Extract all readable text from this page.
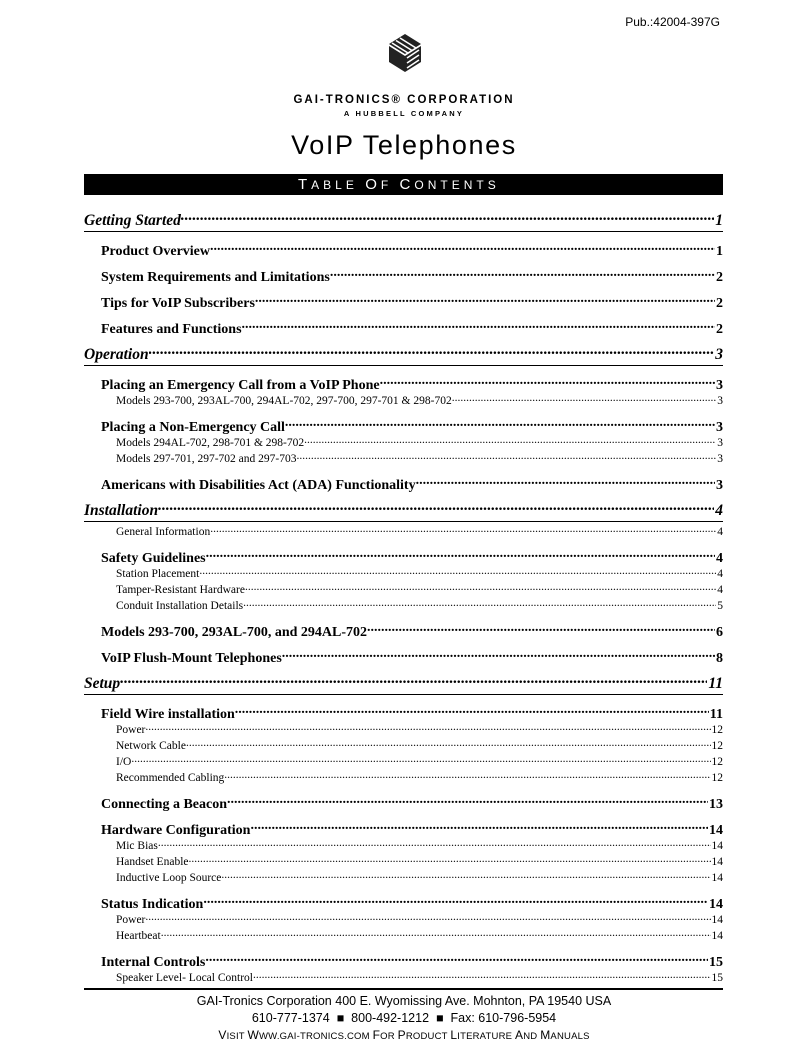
Pub.:42004-397G
GAI-TRONICS® CORPORATION
A HUBBELL COMPANY
VoIP Telephones
TABLE OF CONTENTS
Getting Started .....	1
Product Overview .....	1
System Requirements and Limitations .....	2
Tips for VoIP Subscribers .....	2
Features and Functions .....	2
Operation .....	3
Placing an Emergency Call from a VoIP Phone .....	3
Models 293-700, 293AL-700, 294AL-702, 297-700, 297-701 & 298-702 .....	3
Placing a Non-Emergency Call .....	3
Models 294AL-702, 298-701 & 298-702 .....	3
Models 297-701, 297-702 and 297-703 .....	3
Americans with Disabilities Act (ADA) Functionality .....	3
Installation .....	4
General Information .....	4
Safety Guidelines .....	4
Station Placement .....	4
Tamper-Resistant Hardware .....	4
Conduit Installation Details .....	5
Models 293-700, 293AL-700, and 294AL-702 .....	6
VoIP Flush-Mount Telephones .....	8
Setup .....	11
Field Wire installation .....	11
Power .....	12
Network Cable .....	12
I/O .....	12
Recommended Cabling .....	12
Connecting a Beacon .....	13
Hardware Configuration .....	14
Mic Bias .....	14
Handset Enable .....	14
Inductive Loop Source .....	14
Status Indication .....	14
Power .....	14
Heartbeat .....	14
Internal Controls .....	15
Speaker Level- Local Control .....	15
GAI-Tronics Corporation 400 E. Wyomissing Ave. Mohnton, PA 19540 USA
610-777-1374 ■ 800-492-1212 ■ Fax: 610-796-5954
VISIT WWW.GAI-TRONICS.COM FOR PRODUCT LITERATURE AND MANUALS
